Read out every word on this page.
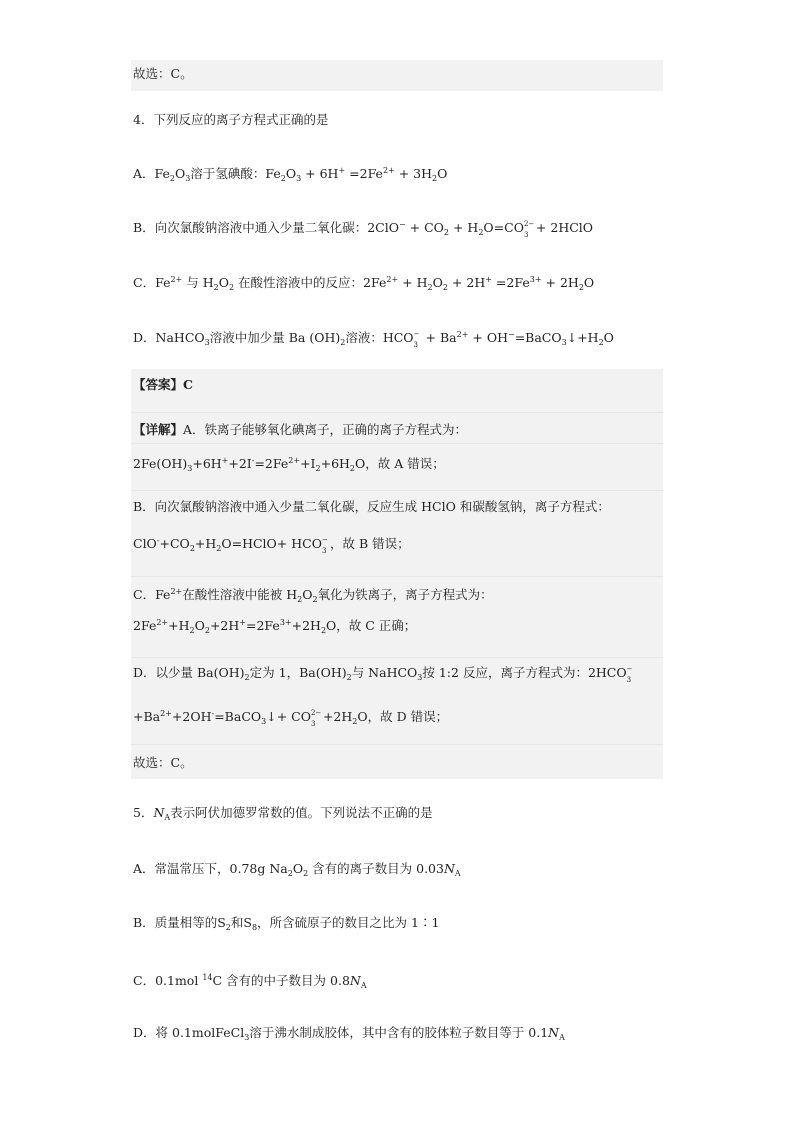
故选：C。
4．下列反应的离子方程式正确的是
A．$Fe_2O_3$溶于氢碘酸：$Fe_2O_3 + 6H^+ =2Fe^{2+} + 3H_2O$
B．向次氯酸钠溶液中通入少量二氧化碳：$2ClO^- + CO_2 + H_2O=CO$ 2−
3 + 2HClO
C．$Fe^{2+}$ 与 $H_2O_2$ 在酸性溶液中的反应：$2Fe^{2+} + H_2O_2 + 2H^+ =2Fe^{3+} + 2H_2O$
D．NaHCO$_3$溶液中加少量 Ba $(OH)_2$溶液：HCO −
$3 + Ba^{2+}$ + $OH^-=BaCO_3↓+H_2O$
【答案】C
【详解】A．铁离子能够氧化碘离子，正确的离子方程式为：
$2Fe(OH)_3+6H^++2I^-=2Fe^{2+}+I_2+6H_2O$，故 A 错误；
B．向次氯酸钠溶液中通入少量二氧化碳，反应生成 HClO 和碳酸氢钠，离子方程式：
$ClO^-+CO_2+H_2O=HClO+$ HCO −
3 ，故 B 错误；
C．$Fe^{2+}$在酸性溶液中能被 $H_2O_2$氧化为铁离子，离子方程式为：
$2Fe^{2+}+H_2O_2+2H^+=2Fe^{3+}+2H_2O$，故 C 正确；
D．以少量 $Ba(OH)_2$定为 1，$Ba(OH)_2$与 NaHCO$_3$按 1:2 反应，离子方程式为：2HCO −
3
$+Ba^{2+}+2OH^-=BaCO_3↓+$ CO 2−
$3 +2H_2O$，故 D 错误；
故选：C。
5．$N_A$表示阿伏加德罗常数的值。下列说法不正确的是
A．常温常压下，0.78g $Na_2O_2$ 含有的离子数目为 $0.03N_A$
B．质量相等的$S_2$和$S_8$，所含硫原子的数目之比为 1∶1
C．0.1mol $^{14}$C 含有的中子数目为 $0.8N_A$
D．将 0.1molFeCl$_3$溶于沸水制成胶体，其中含有的胶体粒子数目等于 $0.1N_A$
